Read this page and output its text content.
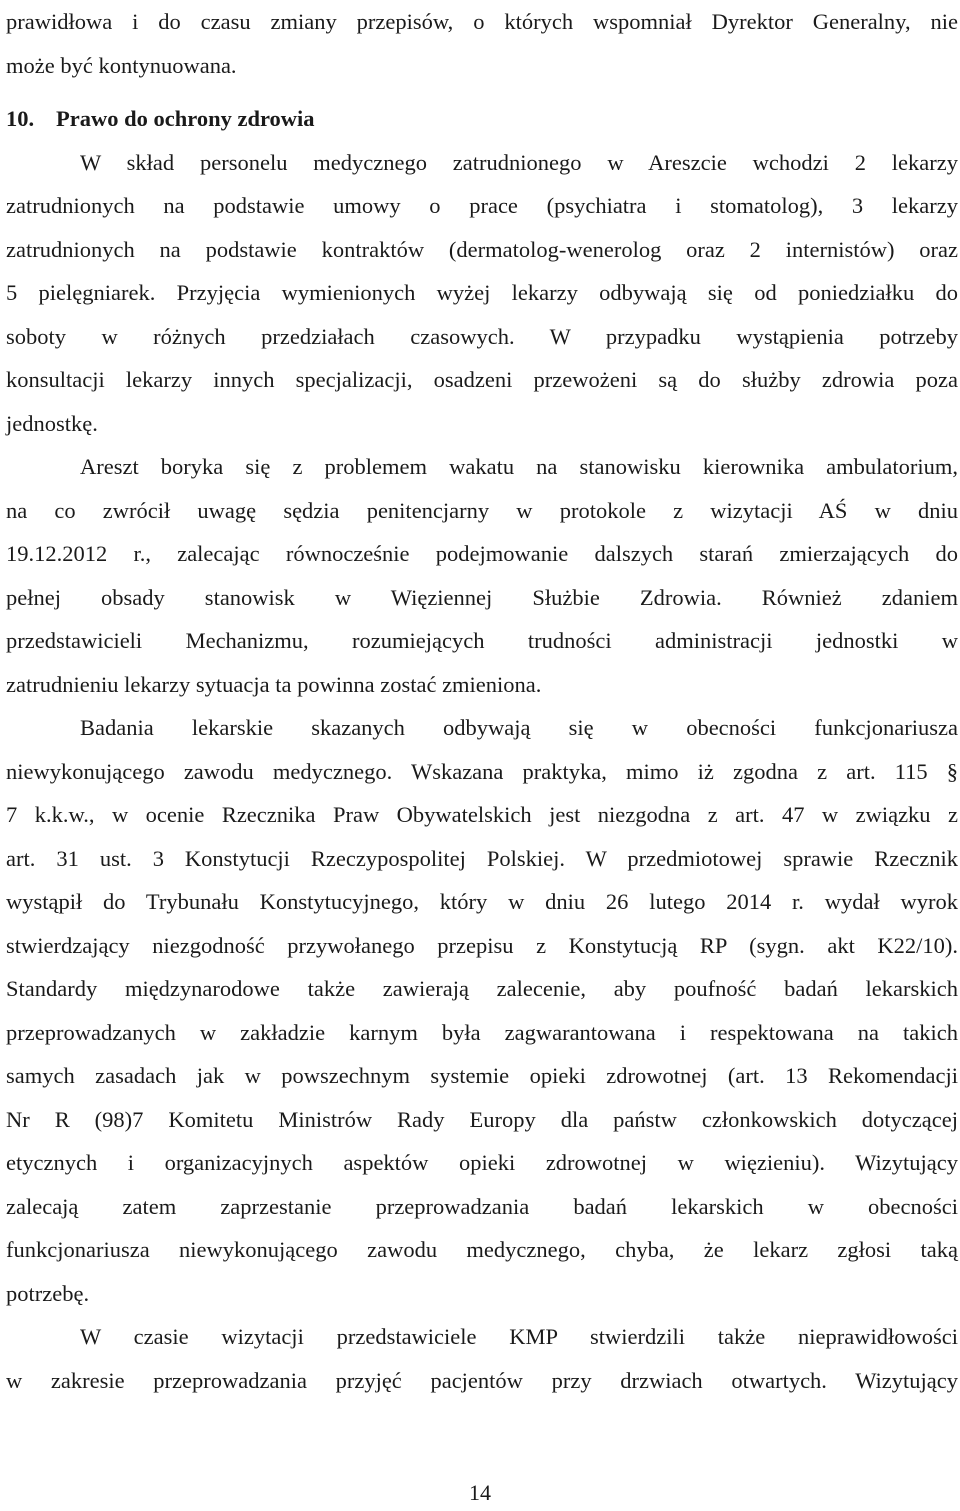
prawidłowa i do czasu zmiany przepisów, o których wspomniał Dyrektor Generalny, nie
może być kontynuowana.
10. Prawo do ochrony zdrowia
W skład personelu medycznego zatrudnionego w Areszcie wchodzi 2 lekarzy
zatrudnionych na podstawie umowy o prace (psychiatra i stomatolog), 3 lekarzy
zatrudnionych na podstawie kontraktów (dermatolog-wenerolog oraz 2 internistów) oraz
5 pielęgniarek. Przyjęcia wymienionych wyżej lekarzy odbywają się od poniedziałku do
soboty w różnych przedziałach czasowych. W przypadku wystąpienia potrzeby
konsultacji lekarzy innych specjalizacji, osadzeni przewożeni są do służby zdrowia poza
jednostkę.
Areszt boryka się z problemem wakatu na stanowisku kierownika ambulatorium,
na co zwrócił uwagę sędzia penitencjarny w protokole z wizytacji AŚ w dniu
19.12.2012 r., zalecając równocześnie podejmowanie dalszych starań zmierzających do
pełnej obsady stanowisk w Więziennej Służbie Zdrowia. Również zdaniem
przedstawicieli Mechanizmu, rozumiejących trudności administracji jednostki w
zatrudnieniu lekarzy sytuacja ta powinna zostać zmieniona.
Badania lekarskie skazanych odbywają się w obecności funkcjonariusza
niewykonującego zawodu medycznego. Wskazana praktyka, mimo iż zgodna z art. 115 §
7 k.k.w., w ocenie Rzecznika Praw Obywatelskich jest niezgodna z art. 47 w związku z
art. 31 ust. 3 Konstytucji Rzeczypospolitej Polskiej. W przedmiotowej sprawie Rzecznik
wystąpił do Trybunału Konstytucyjnego, który w dniu 26 lutego 2014 r. wydał wyrok
stwierdzający niezgodność przywołanego przepisu z Konstytucją RP (sygn. akt K22/10).
Standardy międzynarodowe także zawierają zalecenie, aby poufność badań lekarskich
przeprowadzanych w zakładzie karnym była zagwarantowana i respektowana na takich
samych zasadach jak w powszechnym systemie opieki zdrowotnej (art. 13 Rekomendacji
Nr R (98)7 Komitetu Ministrów Rady Europy dla państw członkowskich dotyczącej
etycznych i organizacyjnych aspektów opieki zdrowotnej w więzieniu). Wizytujący
zalecają zatem zaprzestanie przeprowadzania badań lekarskich w obecności
funkcjonariusza niewykonującego zawodu medycznego, chyba, że lekarz zgłosi taką
potrzebę.
W czasie wizytacji przedstawiciele KMP stwierdzili także nieprawidłowości
w zakresie przeprowadzania przyjęć pacjentów przy drzwiach otwartych. Wizytujący
14
